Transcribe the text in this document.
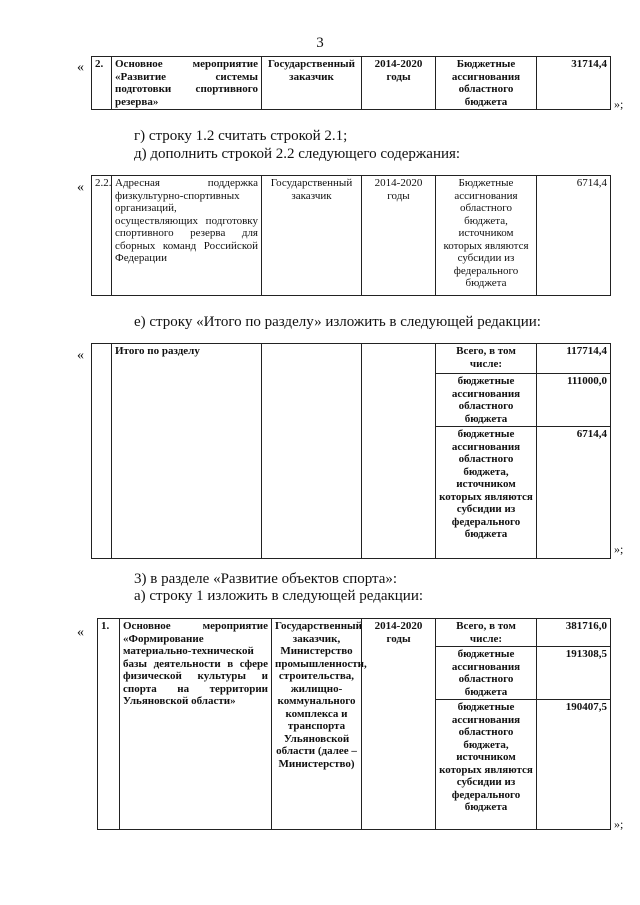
3
« 2.	Основное мероприятие «Развитие системы подготовки спортивного резерва»	Государственный заказчик	2014-2020 годы	Бюджетные ассигнования областного бюджета	31714,4
»;
г) строку 1.2 считать строкой 2.1;
д) дополнить строкой 2.2 следующего содержания:
« 2.2.	Адресная поддержка физкультурно-спортивных организаций, осуществляющих подготовку спортивного резерва для сборных команд Российской Федерации	Государственный заказчик	2014-2020 годы	Бюджетные ассигнования областного бюджета, источником которых являются субсидии из федерального бюджета	6714,4
е) строку «Итого по разделу» изложить в следующей редакции:
«
		Итого по разделу			Всего, в том числе:	117714,4
				бюджетные ассигнования областного бюджета	111000,0
				бюджетные ассигнования областного бюджета, источником которых являются субсидии из федерального бюджета	6714,4
»;
3) в разделе «Развитие объектов спорта»:
а) строку 1 изложить в следующей редакции:
« 1.	Основное мероприятие «Формирование материально-технической базы деятельности в сфере физической культуры и спорта на территории Ульяновской области»	Государственный заказчик, Министерство промышленности, строительства, жилищно-коммунального комплекса и транспорта Ульяновской области (далее – Министерство)	2014-2020 годы	Всего, в том числе:	381716,0
				бюджетные ассигнования областного бюджета	191308,5
				бюджетные ассигнования областного бюджета, источником которых являются субсидии из федерального бюджета	190407,5
»;
